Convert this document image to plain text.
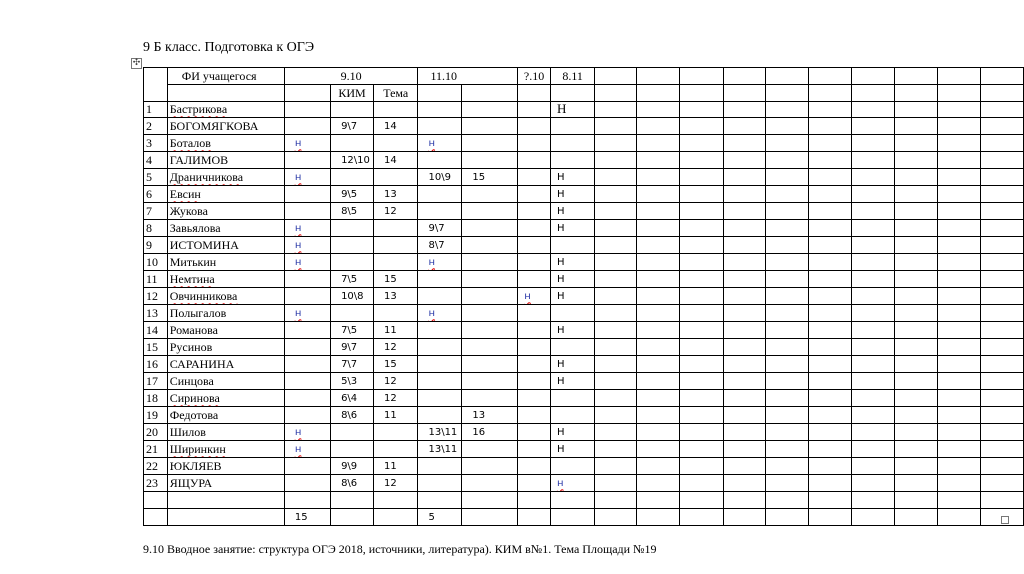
9 Б класс. Подготовка к ОГЭ
✣
	ФИ учащегося	9.10			11.10		?.10	8.11										
			КИМ	Тема														
1	Бастрикова							H										
2	БОГОМЯГКОВА		9\7	14														
3	Боталов	н			н													
4	ГАЛИМОВ		12\10	14														
5	Драничникова	н			10\9	15		Н										
6	Евсин		9\5	13				Н										
7	Жукова		8\5	12				Н										
8	Завьялова	н			9\7			Н										
9	ИСТОМИНА	н			8\7													
10	Митькин	н			н			Н										
11	Немтина		7\5	15				Н										
12	Овчинникова		10\8	13			н	Н										
13	Полыгалов	н			н													
14	Романова		7\5	11				Н										
15	Русинов		9\7	12														
16	САРАНИНА		7\7	15				Н										
17	Синцова		5\3	12				Н										
18	Сиринова		6\4	12														
19	Федотова		8\6	11		13												
20	Шилов	н			13\11	16		Н										
21	Ширинкин	н			13\11			Н										
22	ЮКЛЯЕВ		9\9	11														
23	ЯЩУРА		8\6	12				н										

		15			5													
9.10 Вводное занятие: структура ОГЭ 2018, источники, литература). КИМ в№1. Тема Площади №19
